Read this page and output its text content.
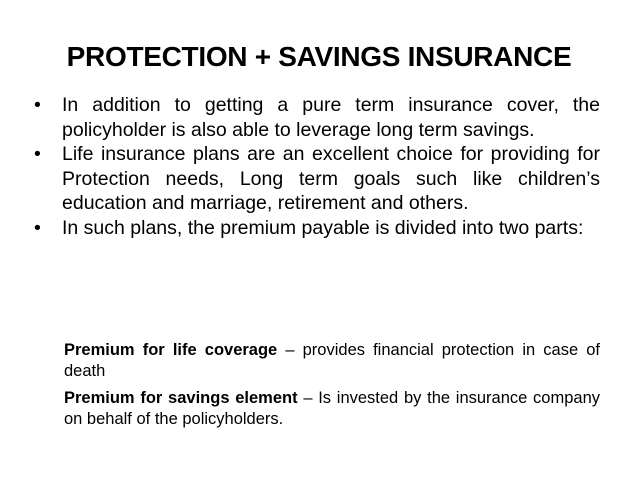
PROTECTION + SAVINGS INSURANCE
•	In addition to getting a pure term insurance cover, the policyholder is also able to leverage long term savings.
•	Life insurance plans are an excellent choice for providing for Protection needs, Long term goals such like children’s education and marriage, retirement and others.
•	In such plans, the premium payable is divided into two parts:
Premium for life coverage – provides financial protection in case of death
Premium for savings element – Is invested by the insurance company on behalf of the policyholders.
